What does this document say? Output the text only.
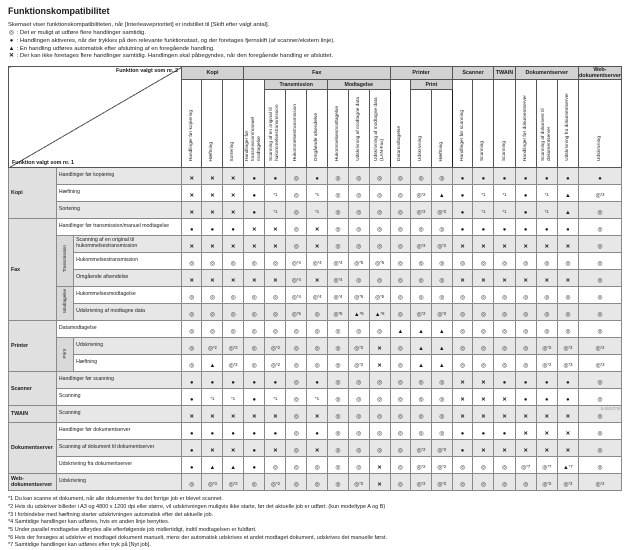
Funktionskompatibilitet
Skemaet viser funktionskompatibiliteten, når [Interleaveprioritet] er indstillet til [Skift efter valgt antal].
◎ : Det er muligt at udføre flere handlinger samtidig.
● : Handlingen aktiveres, når der trykkes på den relevante funktionstast, og der foretages fjernskift (af scanner/ekstern linje).
▲ : En handling udføres automatisk efter afslutning af en foregående handling.
✕ : Der kan ikke foretages flere handlinger samtidig. Handlingen skal påbegyndes, når den foregående handling er afsluttet.
Funktion valgt som nr. 2
Funktion valgt som nr. 1			Kopi			Fax							Printer			Scanner		TWAIN	Dokumentserver			Web-dokumentserver
			Handlinger før kopiering	Hæftning	Sortering	Handlinger før transmission/manuel modtagelse	Transmission			Modtagelse			Datamodtagelse	Print		Handlinger før scanning	Scanning	Scanning	Handlinger før dokumentserver	Scanning af dokument til dokumentserver	Udskrivning fra dokumentserver	Udskrivning
							Scanning af en original til hukommelsestransmission	Hukommelsestransmission	Omgående afsendelse	Hukommelsesmodtagelse	Udskrivning af modtagne data	Udskrivning af modtagne data (LAN-Fax)		Udskrivning	Hæftning							
Kopi	Handlinger før kopiering		✕	✕	✕	●	●	◎	●	◎	◎	◎	◎	◎	◎	●	●	●	●	●	●	●
	Hæftning		✕	✕	✕	●	*1	◎	*1	◎	◎	◎	◎	◎*2	▲	●	*1	*1	●	*1	▲	◎*3
	Sortering		✕	✕	✕	●	*1	◎	*1	◎	◎	◎	◎	◎*2	◎*2	●	*1	*1	●	*1	▲	◎
Fax	Handlinger før transmission/manuel modtagelse		●	●	●	✕	✕	◎	✕	◎	◎	◎	◎	◎	◎	●	●	●	●	●	●	◎
	Transmission	Scanning af en original til hukommelsestransmission	✕	✕	✕	✕	✕	◎	✕	◎	◎	◎	◎	◎*2	◎*2	✕	✕	✕	✕	✕	✕	◎
		Hukommelsestransmission	◎	◎	◎	◎	◎	◎*4	◎*4	◎*4	◎*5	◎*5	◎	◎	◎	◎	◎	◎	◎	◎	◎	◎
		Omgående afsendelse	✕	✕	✕	✕	✕	◎*4	✕	◎*4	◎	◎	◎	◎	◎	✕	✕	✕	✕	✕	✕	◎
	Modtagelse	Hukommelsesmodtagelse	◎	◎	◎	◎	◎	◎*4	◎*4	◎*4	◎*5	◎*5	◎	◎	◎	◎	◎	◎	◎	◎	◎	◎
		Udskrivning af modtagne data	◎	◎	◎	◎	◎	◎*5	◎	◎*5	▲*6	▲*6	◎	◎*2	◎*2	◎	◎	◎	◎	◎	◎	◎
Printer	Datamodtagelse		◎	◎	◎	◎	◎	◎	◎	◎	◎	◎	▲	▲	▲	◎	◎	◎	◎	◎	◎	◎
	Print	Udskrivning	◎	◎*2	◎*2	◎	◎*2	◎	◎	◎	◎*2	✕	◎	▲	▲	◎	◎	◎	◎	◎*2	◎*2	◎*2
		Hæftning	◎	▲	◎*2	◎	◎*2	◎	◎	◎	◎*2	✕	◎	▲	▲	◎	◎	◎	◎	◎*2	◎*3	◎*3
Scanner	Handlinger før scanning		●	●	●	●	●	◎	●	◎	◎	◎	◎	◎	◎	✕	✕	●	●	●	●	◎
	Scanning		●	*1	*1	●	*1	◎	*1	◎	◎	◎	◎	◎	◎	✕	✕	✕	●	●	●	◎
TWAIN	Scanning		✕	✕	✕	✕	✕	◎	✕	◎	◎	◎	◎	◎	◎	✕	✕	✕	✕	✕	✕	◎
Dokumentserver	Handlinger før dokumentserver		●	●	●	●	●	◎	●	◎	◎	◎	◎	◎	◎	●	●	●	✕	✕	✕	◎
	Scanning af dokument til dokumentserver		●	✕	✕	●	✕	◎	✕	◎	◎	◎	◎	◎*2	◎*2	●	✕	✕	✕	✕	✕	◎
	Udskrivning fra dokumentserver		●	▲	▲	●	◎	◎	◎	◎	◎	✕	◎	◎*2	◎*2	◎	◎	◎	◎*7	◎*7	▲*7	◎
Web-dokumentserver	Udskrivning		◎	◎*3	◎*2	◎	◎*2	◎	◎	◎	◎*2	✕	◎	◎*2	◎*2	◎	◎	◎	◎	◎*2	◎*2	◎*2
*1 Du kan scanne et dokument, når alle dokumenter fra det forrige job er blevet scannet.
*2 Hvis du udskriver billeder i A3 og 4800 x 1200 dpi eller større, vil udskrivningen muligvis ikke starte, før det aktuelle job er udført. (kun modeltype A og B)
*3 I forbindelse med hæftning starter udskrivningen automatisk efter det aktuelle job.
*4 Samtidige handlinger kan udføres, hvis en anden linje benyttes.
*5 Under parallel modtagelse afbrydes alle efterfølgende job midlertidigt, indtil modtagelsen er fuldført.
*6 Hvis der forsøges at udskrive et modtaget dokument manuelt, mens der automatisk udskrives et andet modtaget dokument, udskrives det manuelle først.
*7 Samtidige handlinger kan udføres efter tryk på [Nyt job].
b4923756
